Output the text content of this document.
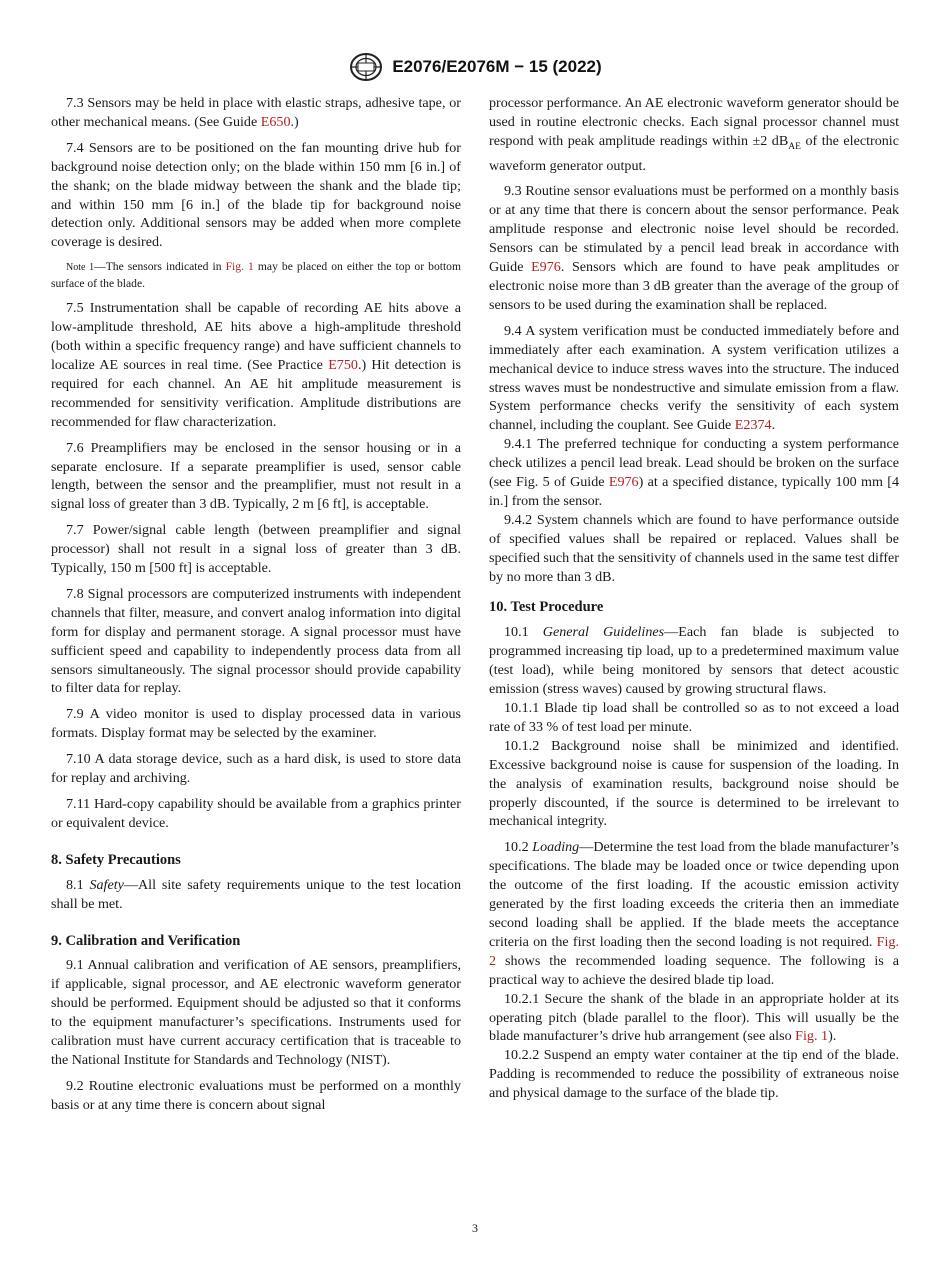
E2076/E2076M − 15 (2022)

7.3 Sensors may be held in place with elastic straps, adhesive tape, or other mechanical means. (See Guide E650.)

7.4 Sensors are to be positioned on the fan mounting drive hub for background noise detection only; on the blade within 150 mm [6 in.] of the shank; on the blade midway between the shank and the blade tip; and within 150 mm [6 in.] of the blade tip for background noise detection only. Additional sensors may be added when more complete coverage is desired.

Note 1—The sensors indicated in Fig. 1 may be placed on either the top or bottom surface of the blade.

7.5 Instrumentation shall be capable of recording AE hits above a low-amplitude threshold, AE hits above a high-amplitude threshold (both within a specific frequency range) and have sufficient channels to localize AE sources in real time. (See Practice E750.) Hit detection is required for each channel. An AE hit amplitude measurement is recommended for sensitivity verification. Amplitude distributions are recommended for flaw characterization.

7.6 Preamplifiers may be enclosed in the sensor housing or in a separate enclosure. If a separate preamplifier is used, sensor cable length, between the sensor and the preamplifier, must not result in a signal loss of greater than 3 dB. Typically, 2 m [6 ft], is acceptable.

7.7 Power/signal cable length (between preamplifier and signal processor) shall not result in a signal loss of greater than 3 dB. Typically, 150 m [500 ft] is acceptable.

7.8 Signal processors are computerized instruments with independent channels that filter, measure, and convert analog information into digital form for display and permanent storage. A signal processor must have sufficient speed and capability to independently process data from all sensors simultaneously. The signal processor should provide capability to filter data for replay.

7.9 A video monitor is used to display processed data in various formats. Display format may be selected by the examiner.

7.10 A data storage device, such as a hard disk, is used to store data for replay and archiving.

7.11 Hard-copy capability should be available from a graphics printer or equivalent device.

8. Safety Precautions

8.1 Safety—All site safety requirements unique to the test location shall be met.

9. Calibration and Verification

9.1 Annual calibration and verification of AE sensors, preamplifiers, if applicable, signal processor, and AE electronic waveform generator should be performed. Equipment should be adjusted so that it conforms to the equipment manufacturer’s specifications. Instruments used for calibration must have current accuracy certification that is traceable to the National Institute for Standards and Technology (NIST).

9.2 Routine electronic evaluations must be performed on a monthly basis or at any time there is concern about signal

processor performance. An AE electronic waveform generator should be used in routine electronic checks. Each signal processor channel must respond with peak amplitude readings within ±2 $dB_{AE}$ of the electronic waveform generator output.

9.3 Routine sensor evaluations must be performed on a monthly basis or at any time that there is concern about the sensor performance. Peak amplitude response and electronic noise level should be recorded. Sensors can be stimulated by a pencil lead break in accordance with Guide E976. Sensors which are found to have peak amplitudes or electronic noise more than 3 dB greater than the average of the group of sensors to be used during the examination shall be replaced.

9.4 A system verification must be conducted immediately before and immediately after each examination. A system verification utilizes a mechanical device to induce stress waves into the structure. The induced stress waves must be nondestructive and simulate emission from a flaw. System performance checks verify the sensitivity of each system channel, including the couplant. See Guide E2374.

9.4.1 The preferred technique for conducting a system performance check utilizes a pencil lead break. Lead should be broken on the surface (see Fig. 5 of Guide E976) at a specified distance, typically 100 mm [4 in.] from the sensor.

9.4.2 System channels which are found to have performance outside of specified values shall be repaired or replaced. Values shall be specified such that the sensitivity of channels used in the same test differ by no more than 3 dB.

10. Test Procedure

10.1 General Guidelines—Each fan blade is subjected to programmed increasing tip load, up to a predetermined maximum value (test load), while being monitored by sensors that detect acoustic emission (stress waves) caused by growing structural flaws.

10.1.1 Blade tip load shall be controlled so as to not exceed a load rate of 33 % of test load per minute.

10.1.2 Background noise shall be minimized and identified. Excessive background noise is cause for suspension of the loading. In the analysis of examination results, background noise should be properly discounted, if the source is determined to be irrelevant to mechanical integrity.

10.2 Loading—Determine the test load from the blade manufacturer’s specifications. The blade may be loaded once or twice depending upon the outcome of the first loading. If the acoustic emission activity generated by the first loading exceeds the criteria then an immediate second loading shall be applied. If the blade meets the acceptance criteria on the first loading then the second loading is not required. Fig. 2 shows the recommended loading sequence. The following is a practical way to achieve the desired blade tip load.

10.2.1 Secure the shank of the blade in an appropriate holder at its operating pitch (blade parallel to the floor). This will usually be the blade manufacturer’s drive hub arrangement (see also Fig. 1).

10.2.2 Suspend an empty water container at the tip end of the blade. Padding is recommended to reduce the possibility of extraneous noise and physical damage to the surface of the blade tip.

3
